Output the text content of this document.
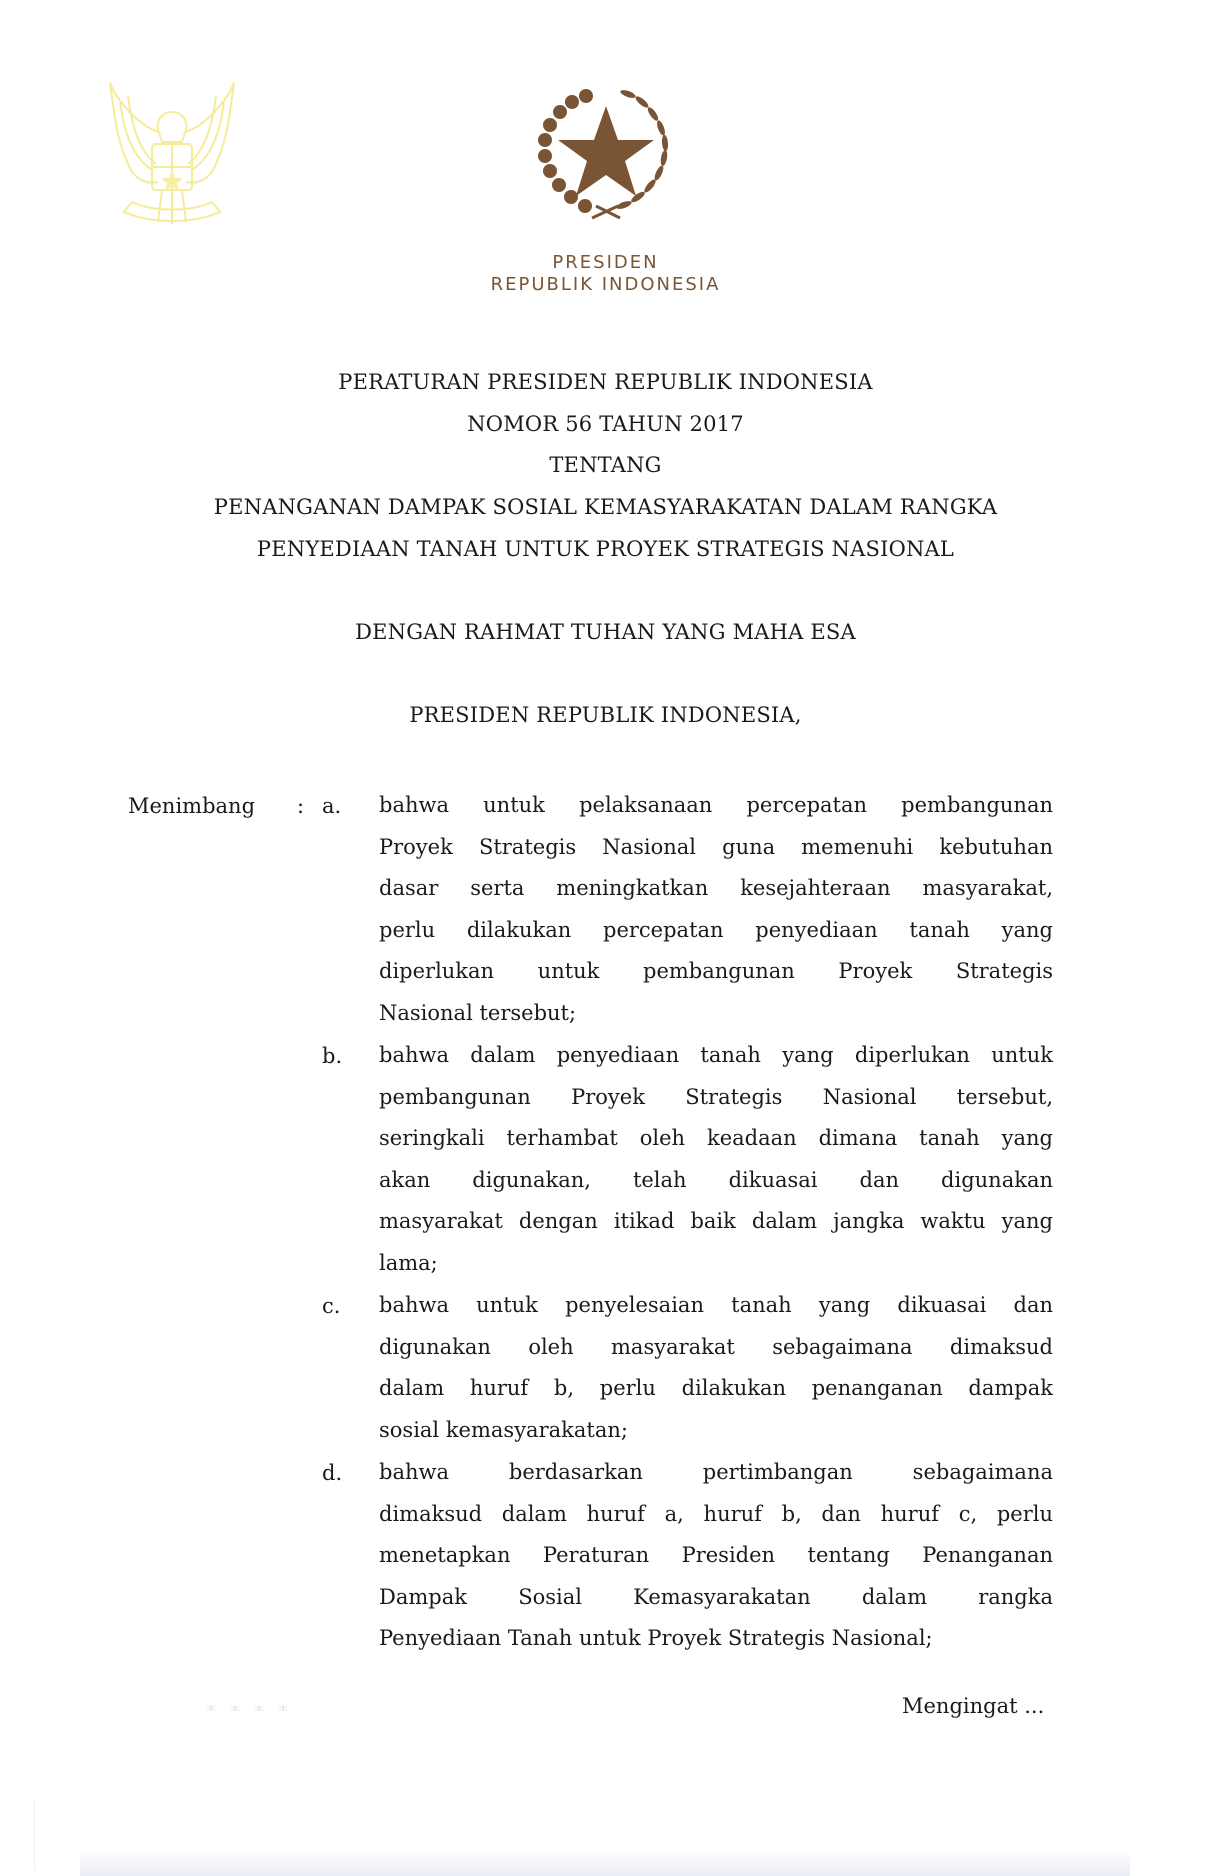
PRESIDEN
REPUBLIK INDONESIA
PERATURAN PRESIDEN REPUBLIK INDONESIA
NOMOR 56 TAHUN 2017
TENTANG
PENANGANAN DAMPAK SOSIAL KEMASYARAKATAN DALAM RANGKA
PENYEDIAAN TANAH UNTUK PROYEK STRATEGIS NASIONAL
DENGAN RAHMAT TUHAN YANG MAHA ESA
PRESIDEN REPUBLIK INDONESIA,
Menimbang : a. bahwa untuk pelaksanaan percepatan pembangunan
Proyek Strategis Nasional guna memenuhi kebutuhan
dasar serta meningkatkan kesejahteraan masyarakat,
perlu dilakukan percepatan penyediaan tanah yang
diperlukan untuk pembangunan Proyek Strategis
Nasional tersebut;
b. bahwa dalam penyediaan tanah yang diperlukan untuk
pembangunan Proyek Strategis Nasional tersebut,
seringkali terhambat oleh keadaan dimana tanah yang
akan digunakan, telah dikuasai dan digunakan
masyarakat dengan itikad baik dalam jangka waktu yang
lama;
c. bahwa untuk penyelesaian tanah yang dikuasai dan
digunakan oleh masyarakat sebagaimana dimaksud
dalam huruf b, perlu dilakukan penanganan dampak
sosial kemasyarakatan;
d. bahwa berdasarkan pertimbangan sebagaimana
dimaksud dalam huruf a, huruf b, dan huruf c, perlu
menetapkan Peraturan Presiden tentang Penanganan
Dampak Sosial Kemasyarakatan dalam rangka
Penyediaan Tanah untuk Proyek Strategis Nasional;
* * * *	Mengingat ...
